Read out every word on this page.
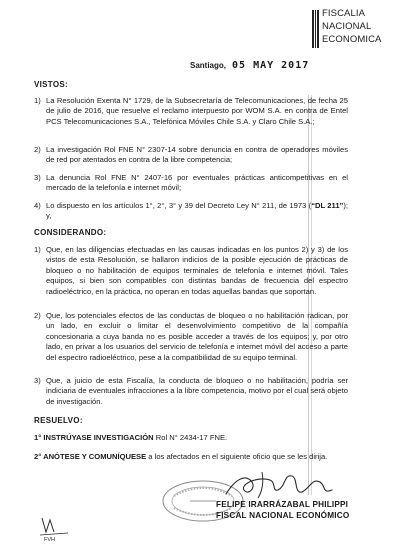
FISCALIA
NACIONAL
ECONOMICA
Santiago, 05 MAY 2017
VISTOS:
1) La Resolución Exenta N° 1729, de la Subsecretaría de Telecomunicaciones, de fecha 25 de julio de 2016, que resuelve el reclamo interpuesto por WOM S.A. en contra de Entel PCS Telecomunicaciones S.A., Telefónica Móviles Chile S.A. y Claro Chile S.A.;
2) La investigación Rol FNE N° 2307-14 sobre denuncia en contra de operadores móviles de red por atentados en contra de la libre competencia;
3) La denuncia Rol FNE N° 2407-16 por eventuales prácticas anticompetitivas en el mercado de la telefonía e internet móvil;
4) Lo dispuesto en los artículos 1°, 2°, 3° y 39 del Decreto Ley N° 211, de 1973 (“DL 211”); y,
CONSIDERANDO:
1) Que, en las diligencias efectuadas en las causas indicadas en los puntos 2) y 3) de los vistos de esta Resolución, se hallaron indicios de la posible ejecución de prácticas de bloqueo o no habilitación de equipos terminales de telefonía e internet móvil. Tales equipos, si bien son compatibles con distintas bandas de frecuencia del espectro radioeléctrico, en la práctica, no operan en todas aquellas bandas que soportan.
2) Que, los potenciales efectos de las conductas de bloqueo o no habilitación radican, por un lado, en excluir o limitar el desenvolvimiento competitivo de la compañía concesionaria a cuya banda no es posible acceder a través de los equipos; y, por otro lado, en privar a los usuarios del servicio de telefonía e internet móvil del acceso a parte del espectro radioeléctrico, pese a la compatibilidad de su equipo terminal.
3) Que, a juicio de esta Fiscalía, la conducta de bloqueo o no habilitación, podría ser indiciaria de eventuales infracciones a la libre competencia, motivo por el cual será objeto de investigación.
RESUELVO:
1° INSTRÚYASE INVESTIGACIÓN Rol N° 2434-17 FNE.
2° ANÓTESE Y COMUNÍQUESE a los afectados en el siguiente oficio que se les dirija.
FELIPE IRARRÁZABAL PHILIPPI
FISCAL NACIONAL ECONÓMICO
FVH
